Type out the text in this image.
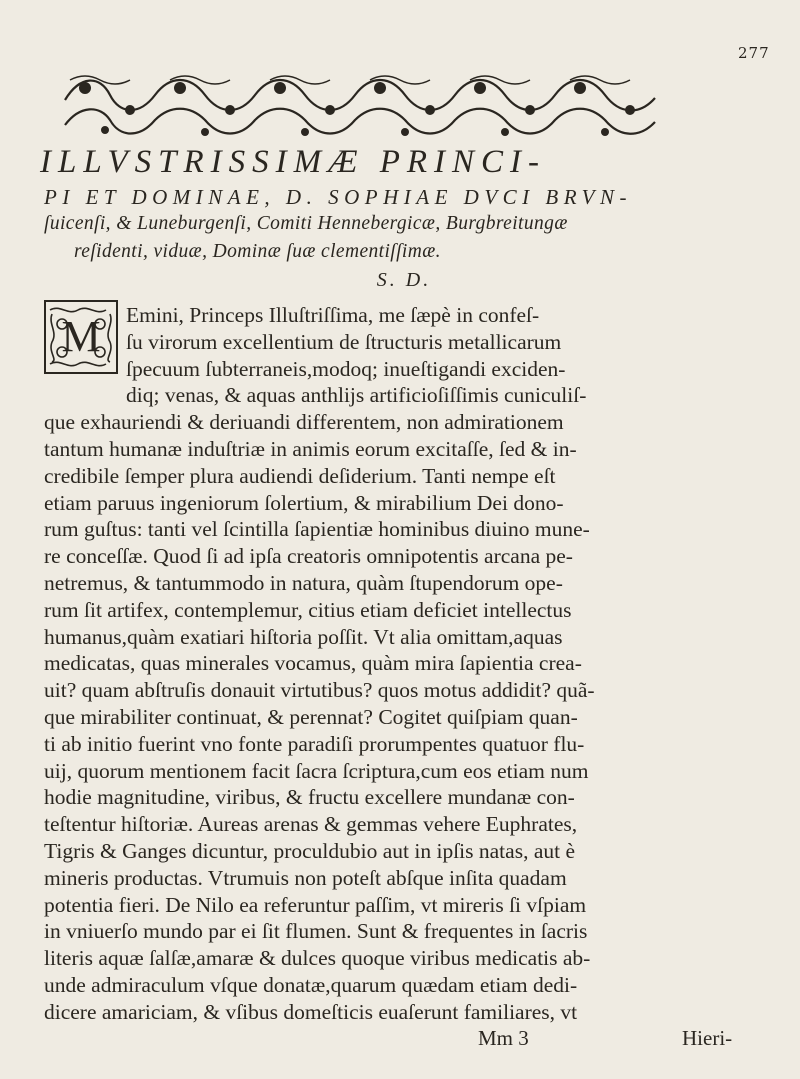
277
ILLVSTRISSIMÆ PRINCI-
PI ET DOMINAE, D. SOPHIAE DVCI BRVN-
ſuicenſi, & Luneburgenſi, Comiti Hennebergicæ, Burgbreitungæ
reſidenti, viduæ, Dominæ ſuæ clementiſſimæ.
S. D.
M	Emini, Princeps Illuſtriſſima, me ſæpè in confeſ-
ſu virorum excellentium de ſtructuris metallicarum
ſpecuum ſubterraneis,modoq; inueſtigandi exciden-
diq; venas, & aquas anthlijs artificioſiſſimis cuniculiſ-
que exhauriendi & deriuandi differentem, non admirationem
tantum humanæ induſtriæ in animis eorum excitaſſe, ſed & in-
credibile ſemper plura audiendi deſiderium. Tanti nempe eſt
etiam paruus ingeniorum ſolertium, & mirabilium Dei dono-
rum guſtus: tanti vel ſcintilla ſapientiæ hominibus diuino mune-
re conceſſæ. Quod ſi ad ipſa creatoris omnipotentis arcana pe-
netremus, & tantummodo in natura, quàm ſtupendorum ope-
rum ſit artifex, contemplemur, citius etiam deficiet intellectus
humanus,quàm exatiari hiſtoria poſſit. Vt alia omittam,aquas
medicatas, quas minerales vocamus, quàm mira ſapientia crea-
uit? quam abſtruſis donauit virtutibus? quos motus addidit? quã-
que mirabiliter continuat, & perennat? Cogitet quiſpiam quan-
ti ab initio fuerint vno fonte paradiſi prorumpentes quatuor flu-
uij, quorum mentionem facit ſacra ſcriptura,cum eos etiam num
hodie magnitudine, viribus, & fructu excellere mundanæ con-
teſtentur hiſtoriæ. Aureas arenas & gemmas vehere Euphrates,
Tigris & Ganges dicuntur, proculdubio aut in ipſis natas, aut è
mineris productas. Vtrumuis non poteſt abſque inſita quadam
potentia fieri. De Nilo ea referuntur paſſim, vt mireris ſi vſpiam
in vniuerſo mundo par ei ſit flumen. Sunt & frequentes in ſacris
literis aquæ ſalſæ,amaræ & dulces quoque viribus medicatis ab-
unde admiraculum vſque donatæ,quarum quædam etiam dedi-
dicere amariciam, & vſibus domeſticis euaſerunt familiares, vt
Mm 3	Hieri-
